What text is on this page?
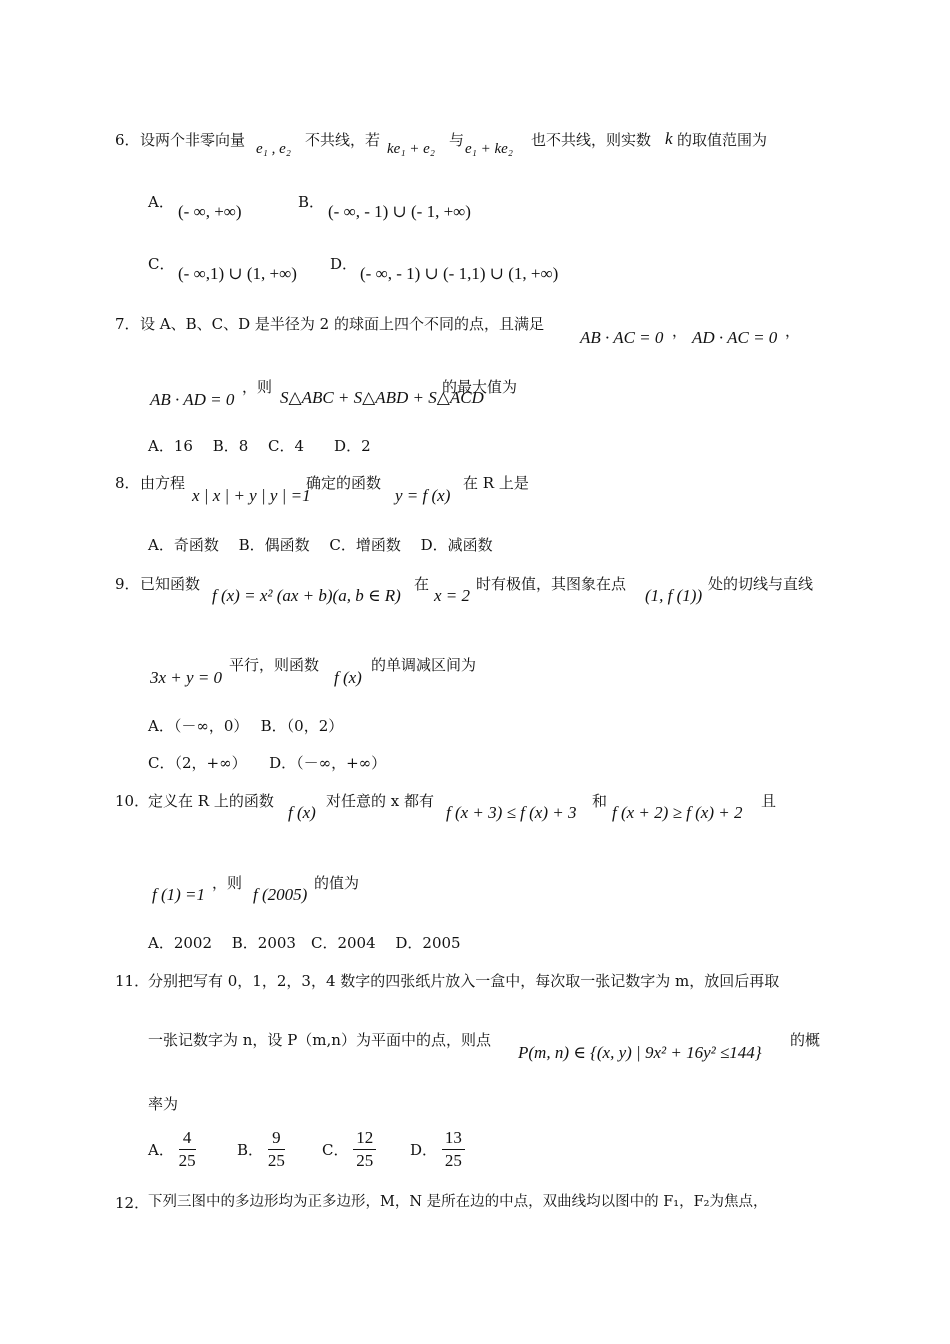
6． 设两个非零向量 e₁ , e₂ 不共线，若 ke₁ + e₂ 与 e₁ + ke₂ 也不共线，则实数 k 的取值范围为
A． (- ∞, +∞)	B． (- ∞, - 1) ∪ (- 1, +∞)
C． (- ∞,1) ∪ (1, +∞) D． (- ∞, - 1) ∪ (- 1,1) ∪ (1, +∞)
7． 设 A、B、C、D 是半径为 2 的球面上四个不同的点，且满足
AB · AC = 0 ， AD · AC = 0 ，
AB · AD = 0
，则
S△ABC + S△ABD + S△ACD
的最大值为
A．16　 B．8　 C．4　　D．2
8． 由方程
x | x | + y | y | =1
确定的函数
y = f (x)
在 R 上是
A．奇函数　 B．偶函数　 C．增函数　 D．减函数
9． 已知函数
f (x) = x² (ax + b)(a, b ∈ R)
在
x = 2
时有极值，其图象在点
(1, f (1))
处的切线与直线
3x + y = 0
平行，则函数
f (x)
的单调减区间为
A．（－∞，0）　 B．（0，2）
C．（2，+∞）　　D．（－∞，+∞）
10．
定义在 R 上的函数
f (x)
对任意的 x 都有
f (x + 3) ≤ f (x) + 3
和
f (x + 2) ≥ f (x) + 2
且
f (1) =1
，则
f (2005)
的值为
A．2002　 B．2003　C．2004　 D．2005
11．
分别把写有 0，1，2，3，4 数字的四张纸片放入一盒中，每次取一张记数字为 m，放回后再取
一张记数字为 n，设 P（m,n）为平面中的点，则点
P(m, n) ∈ {(x, y) | 9x² + 16y² ≤144}
的概
率为
A． $\frac{4}{25}$	B． $\frac{9}{25}$ C． $\frac{12}{25}$ D． $\frac{13}{25}$
12．
下列三图中的多边形均为正多边形，M，N 是所在边的中点，双曲线均以图中的 F₁，F₂为焦点，
